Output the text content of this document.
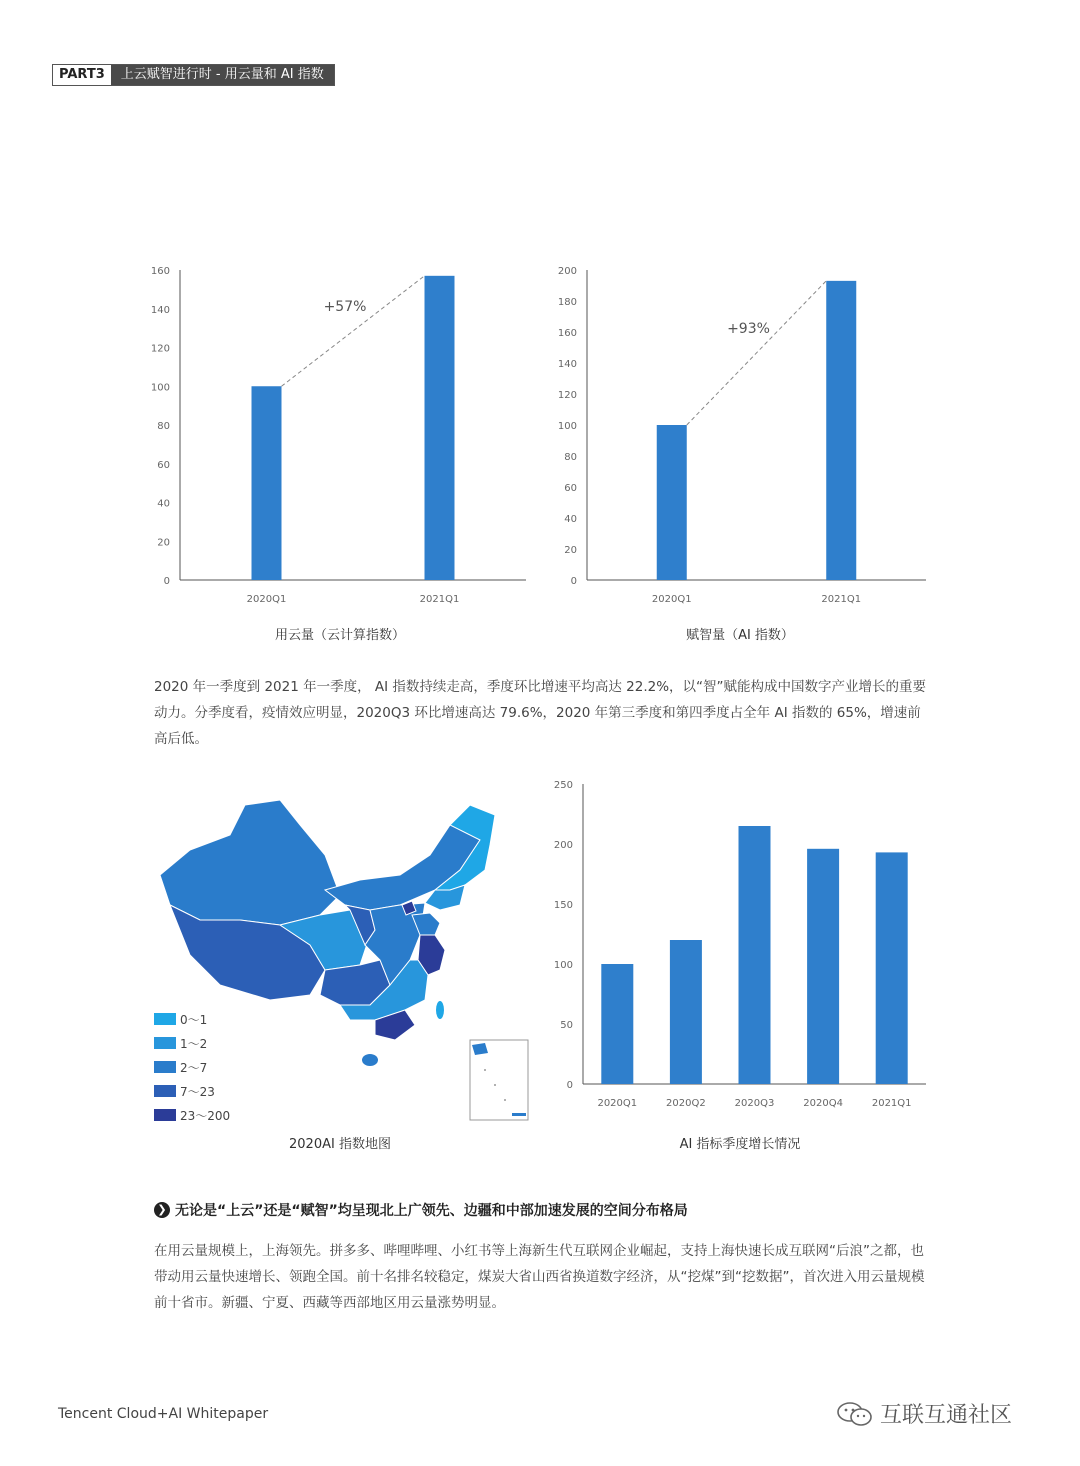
PART3	上云赋智进行时 - 用云量和 AI 指数
0
20
40
60
80
100
120
140
160
2020Q1	2021Q1
+57%
用云量（云计算指数）
0
20
40
60
80
100
120
140
160
180
200
2020Q1	2021Q1
+93%
赋智量（AI 指数）

2020 年一季度到 2021 年一季度， AI 指数持续走高，季度环比增速平均高达 22.2%，以“智”赋能构成中国数字产业增长的重要动力。分季度看，疫情效应明显，2020Q3 环比增速高达 79.6%，2020 年第三季度和第四季度占全年 AI 指数的 65%，增速前高后低。

0～1
1～2
2～7
7～23
23～200
2020AI 指数地图
0
50
100
150
200
250
2020Q1	2020Q2	2020Q3	2020Q4	2021Q1
AI 指标季度增长情况
❯ 无论是“上云”还是“赋智”均呈现北上广领先、边疆和中部加速发展的空间分布格局

在用云量规模上，上海领先。拼多多、哔哩哔哩、小红书等上海新生代互联网企业崛起，支持上海快速长成互联网“后浪”之都，也带动用云量快速增长、领跑全国。前十名排名较稳定，煤炭大省山西省换道数字经济，从“挖煤”到“挖数据”，首次进入用云量规模前十省市。新疆、宁夏、西藏等西部地区用云量涨势明显。

Tencent Cloud+AI Whitepaper	互联互通社区
